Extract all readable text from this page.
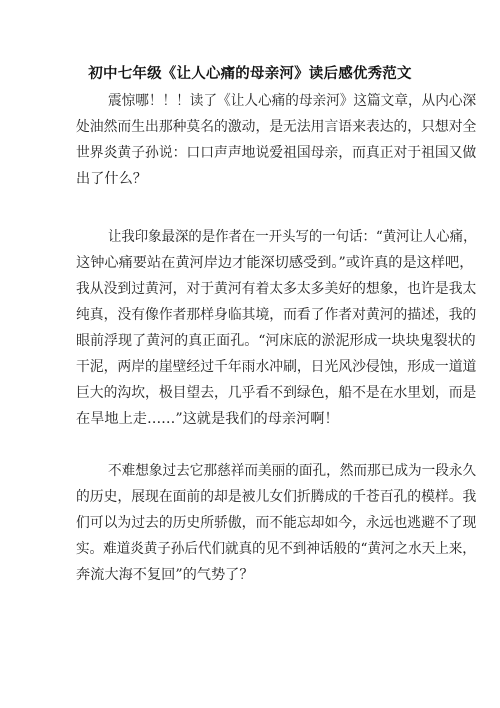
初中七年级《让人心痛的母亲河》读后感优秀范文
震惊哪！！！读了《让人心痛的母亲河》这篇文章，从内心深
处油然而生出那种莫名的激动，是无法用言语来表达的，只想对全
世界炎黄子孙说：口口声声地说爱祖国母亲，而真正对于祖国又做
出了什么？
让我印象最深的是作者在一开头写的一句话：“黄河让人心痛，
这钟心痛要站在黄河岸边才能深切感受到。”或许真的是这样吧，
我从没到过黄河，对于黄河有着太多太多美好的想象，也许是我太
纯真，没有像作者那样身临其境，而看了作者对黄河的描述，我的
眼前浮现了黄河的真正面孔。“河床底的淤泥形成一块块鬼裂状的
干泥，两岸的崖壁经过千年雨水冲刷，日光风沙侵蚀，形成一道道
巨大的沟坎，极目望去，几乎看不到绿色，船不是在水里划，而是
在旱地上走……”这就是我们的母亲河啊！
不难想象过去它那慈祥而美丽的面孔，然而那已成为一段永久
的历史，展现在面前的却是被儿女们折腾成的千苍百孔的模样。我
们可以为过去的历史所骄傲，而不能忘却如今，永远也逃避不了现
实。难道炎黄子孙后代们就真的见不到神话般的“黄河之水天上来，
奔流大海不复回”的气势了？
